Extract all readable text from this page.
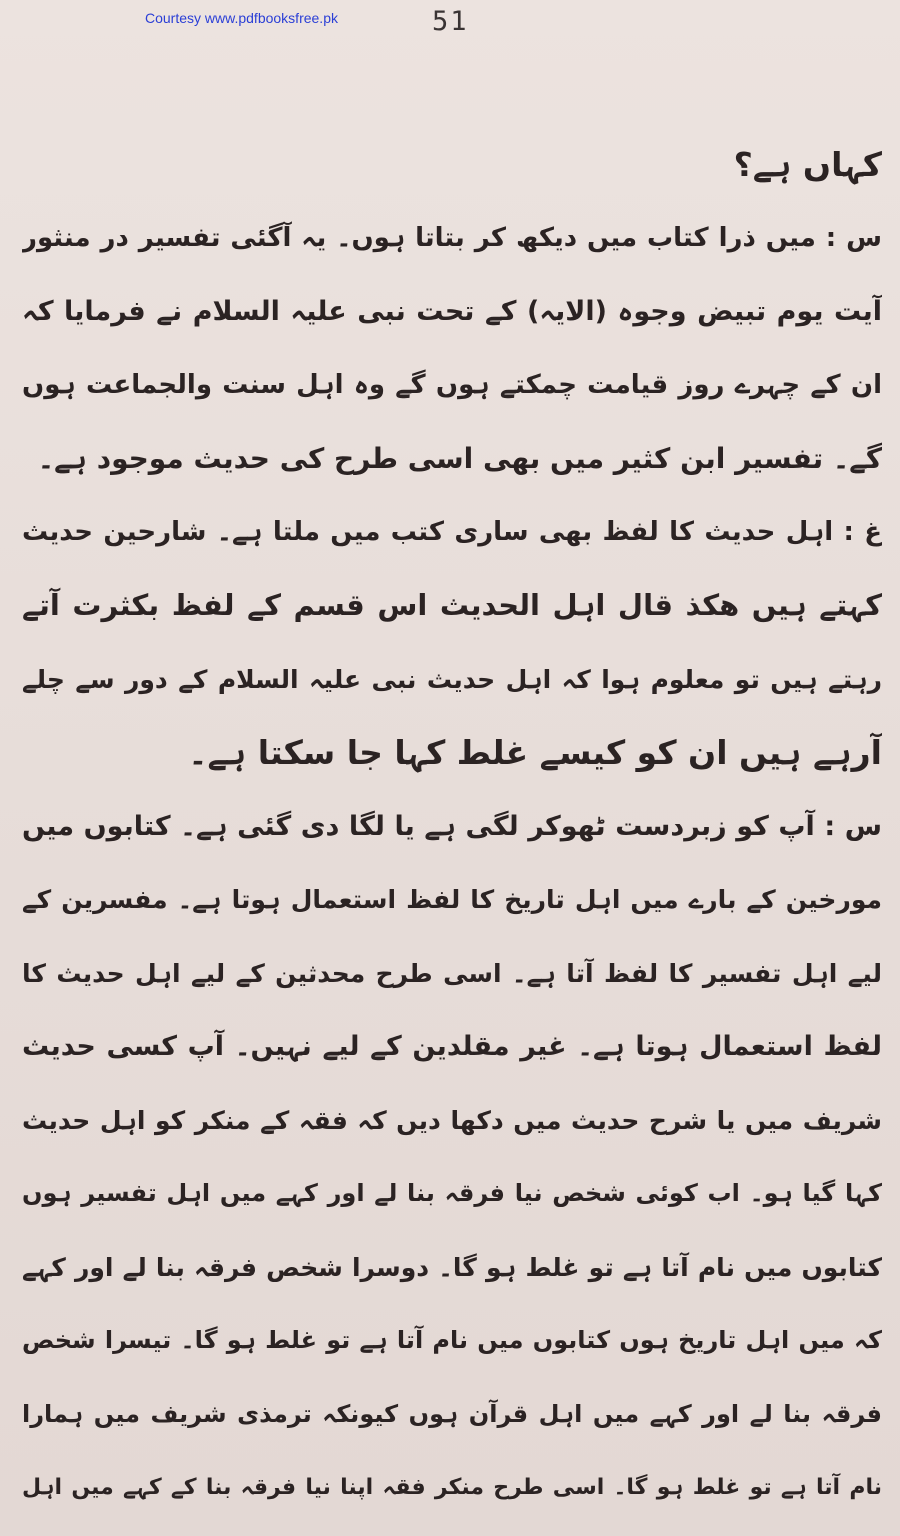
Courtesy www.pdfbooksfree.pk	51
کہاں ہے؟
س : میں ذرا کتاب میں دیکھ کر بتاتا ہوں۔ یہ آگئی تفسیر در منثور
آیت یوم تبیض وجوہ (الایہ) کے تحت نبی علیہ السلام نے فرمایا کہ
ان کے چہرے روز قیامت چمکتے ہوں گے وہ اہل سنت والجماعت ہوں
گے۔ تفسیر ابن کثیر میں بھی اسی طرح کی حدیث موجود ہے۔
غ : اہل حدیث کا لفظ بھی ساری کتب میں ملتا ہے۔ شارحین حدیث
کہتے ہیں ھکذ قال اہل الحدیث اس قسم کے لفظ بکثرت آتے
رہتے ہیں تو معلوم ہوا کہ اہل حدیث نبی علیہ السلام کے دور سے چلے
آرہے ہیں ان کو کیسے غلط کہا جا سکتا ہے۔
س : آپ کو زبردست ٹھوکر لگی ہے یا لگا دی گئی ہے۔ کتابوں میں
مورخین کے بارے میں اہل تاریخ کا لفظ استعمال ہوتا ہے۔ مفسرین کے
لیے اہل تفسیر کا لفظ آتا ہے۔ اسی طرح محدثین کے لیے اہل حدیث کا
لفظ استعمال ہوتا ہے۔ غیر مقلدین کے لیے نہیں۔ آپ کسی حدیث
شریف میں یا شرح حدیث میں دکھا دیں کہ فقہ کے منکر کو اہل حدیث
کہا گیا ہو۔ اب کوئی شخص نیا فرقہ بنا لے اور کہے میں اہل تفسیر ہوں
کتابوں میں نام آتا ہے تو غلط ہو گا۔ دوسرا شخص فرقہ بنا لے اور کہے
کہ میں اہل تاریخ ہوں کتابوں میں نام آتا ہے تو غلط ہو گا۔ تیسرا شخص
فرقہ بنا لے اور کہے میں اہل قرآن ہوں کیونکہ ترمذی شریف میں ہمارا
نام آتا ہے تو غلط ہو گا۔ اسی طرح منکر فقہ اپنا نیا فرقہ بنا کے کہے میں اہل
